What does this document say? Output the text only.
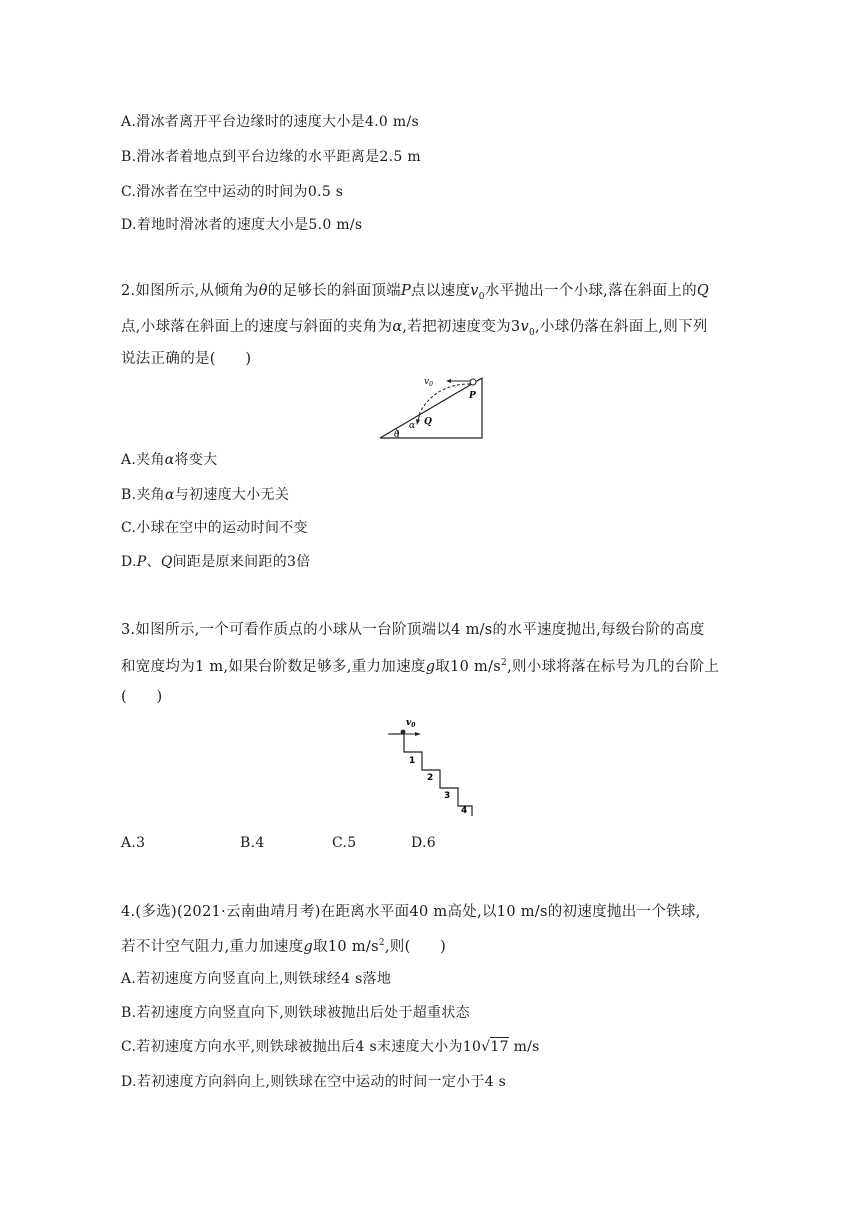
A.滑冰者离开平台边缘时的速度大小是4.0 m/s
B.滑冰者着地点到平台边缘的水平距离是2.5 m
C.滑冰者在空中运动的时间为0.5 s
D.着地时滑冰者的速度大小是5.0 m/s
2.如图所示,从倾角为θ的足够长的斜面顶端P点以速度$v_0$水平抛出一个小球,落在斜面上的Q
点,小球落在斜面上的速度与斜面的夹角为α,若把初速度变为$3v_0$,小球仍落在斜面上,则下列
说法正确的是(　　)
$v_0$
P
Q
α
θ
A.夹角α将变大
B.夹角α与初速度大小无关
C.小球在空中的运动时间不变
D.P、Q间距是原来间距的3倍
3.如图所示,一个可看作质点的小球从一台阶顶端以4 m/s的水平速度抛出,每级台阶的高度
和宽度均为1 m,如果台阶数足够多,重力加速度g取10 $m/s^2$,则小球将落在标号为几的台阶上
(　　)
$v_0$
1
2
3
4
A.3	B.4	C.5	D.6
4.(多选)(2021·云南曲靖月考)在距离水平面40 m高处,以10 m/s的初速度抛出一个铁球,
若不计空气阻力,重力加速度g取10 $m/s^2$,则(　　)
A.若初速度方向竖直向上,则铁球经4 s落地
B.若初速度方向竖直向下,则铁球被抛出后处于超重状态
C.若初速度方向水平,则铁球被抛出后4 s末速度大小为10√17 m/s
D.若初速度方向斜向上,则铁球在空中运动的时间一定小于4 s
